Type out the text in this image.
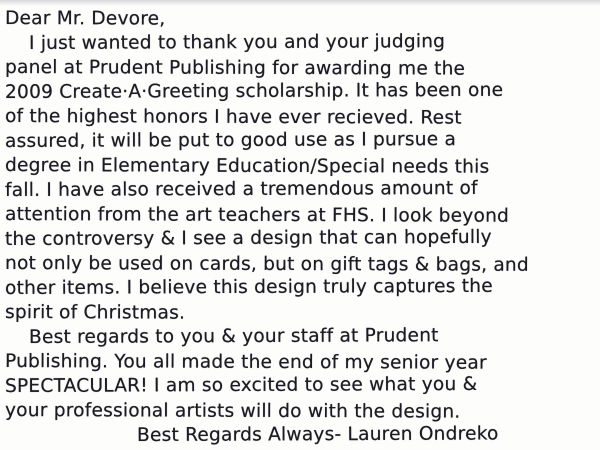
Dear Mr. Devore,
I just wanted to thank you and your judging
panel at Prudent Publishing for awarding me the
2009 Create·A·Greeting scholarship. It has been one
of the highest honors I have ever recieved. Rest
assured, it will be put to good use as I pursue a
degree in Elementary Education/Special needs this
fall. I have also received a tremendous amount of
attention from the art teachers at FHS. I look beyond
the controversy & I see a design that can hopefully
not only be used on cards, but on gift tags & bags, and
other items. I believe this design truly captures the
spirit of Christmas.
Best regards to you & your staff at Prudent
Publishing. You all made the end of my senior year
SPECTACULAR! I am so excited to see what you &
your professional artists will do with the design.
Best Regards Always- Lauren Ondreko
